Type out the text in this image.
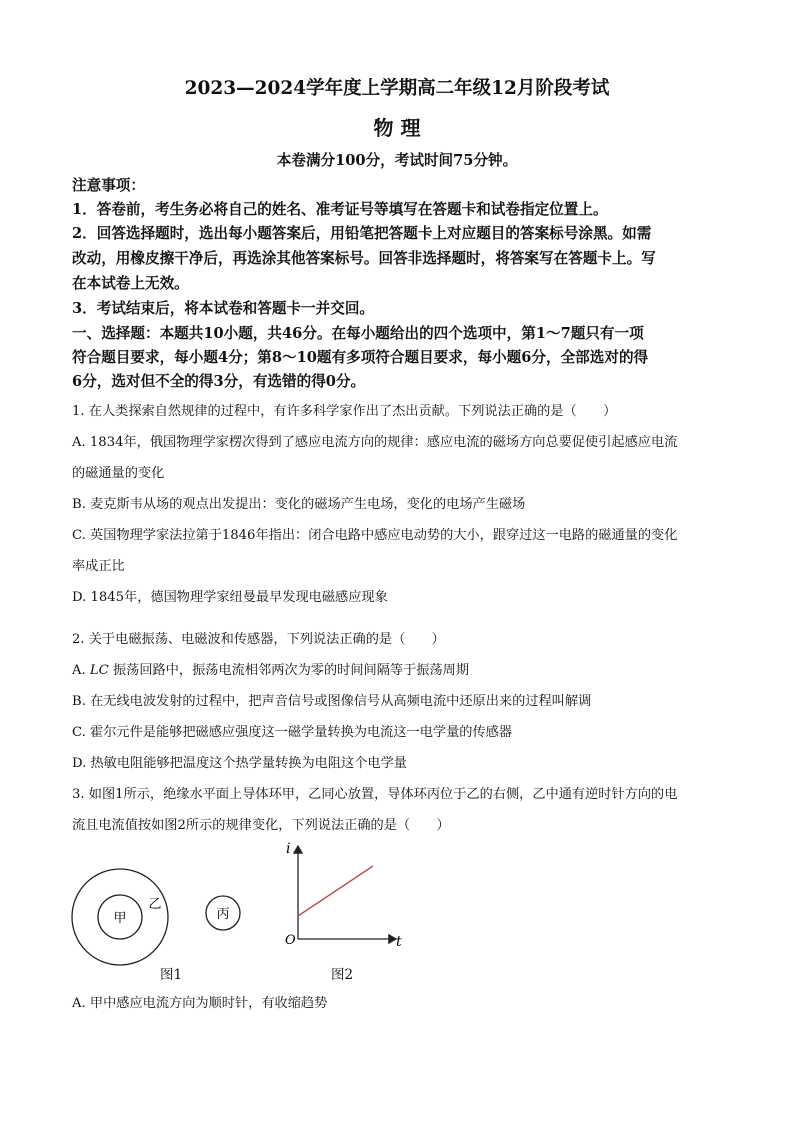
2023—2024学年度上学期高二年级12月阶段考试
物 理
本卷满分100分，考试时间75分钟。
注意事项：
1．答卷前，考生务必将自己的姓名、准考证号等填写在答题卡和试卷指定位置上。
2．回答选择题时，选出每小题答案后，用铅笔把答题卡上对应题目的答案标号涂黑。如需
改动，用橡皮擦干净后，再选涂其他答案标号。回答非选择题时，将答案写在答题卡上。写
在本试卷上无效。
3．考试结束后，将本试卷和答题卡一并交回。
一、选择题：本题共10小题，共46分。在每小题给出的四个选项中，第1～7题只有一项
符合题目要求，每小题4分；第8～10题有多项符合题目要求，每小题6分，全部选对的得
6分，选对但不全的得3分，有选错的得0分。
1. 在人类探索自然规律的过程中，有许多科学家作出了杰出贡献。下列说法正确的是（　　）
A. 1834年，俄国物理学家楞次得到了感应电流方向的规律：感应电流的磁场方向总要促使引起感应电流
的磁通量的变化
B. 麦克斯韦从场的观点出发提出：变化的磁场产生电场，变化的电场产生磁场
C. 英国物理学家法拉第于1846年指出：闭合电路中感应电动势的大小，跟穿过这一电路的磁通量的变化
率成正比
D. 1845年，德国物理学家纽曼最早发现电磁感应现象
2. 关于电磁振荡、电磁波和传感器，下列说法正确的是（　　）
A. LC 振荡回路中，振荡电流相邻两次为零的时间间隔等于振荡周期
B. 在无线电波发射的过程中，把声音信号或图像信号从高频电流中还原出来的过程叫解调
C. 霍尔元件是能够把磁感应强度这一磁学量转换为电流这一电学量的传感器
D. 热敏电阻能够把温度这个热学量转换为电阻这个电学量
3. 如图1所示，绝缘水平面上导体环甲，乙同心放置，导体环丙位于乙的右侧，乙中通有逆时针方向的电
流且电流值按如图2所示的规律变化，下列说法正确的是（　　）
甲
乙
丙
图1
i
t
O
图2
A. 甲中感应电流方向为顺时针，有收缩趋势
